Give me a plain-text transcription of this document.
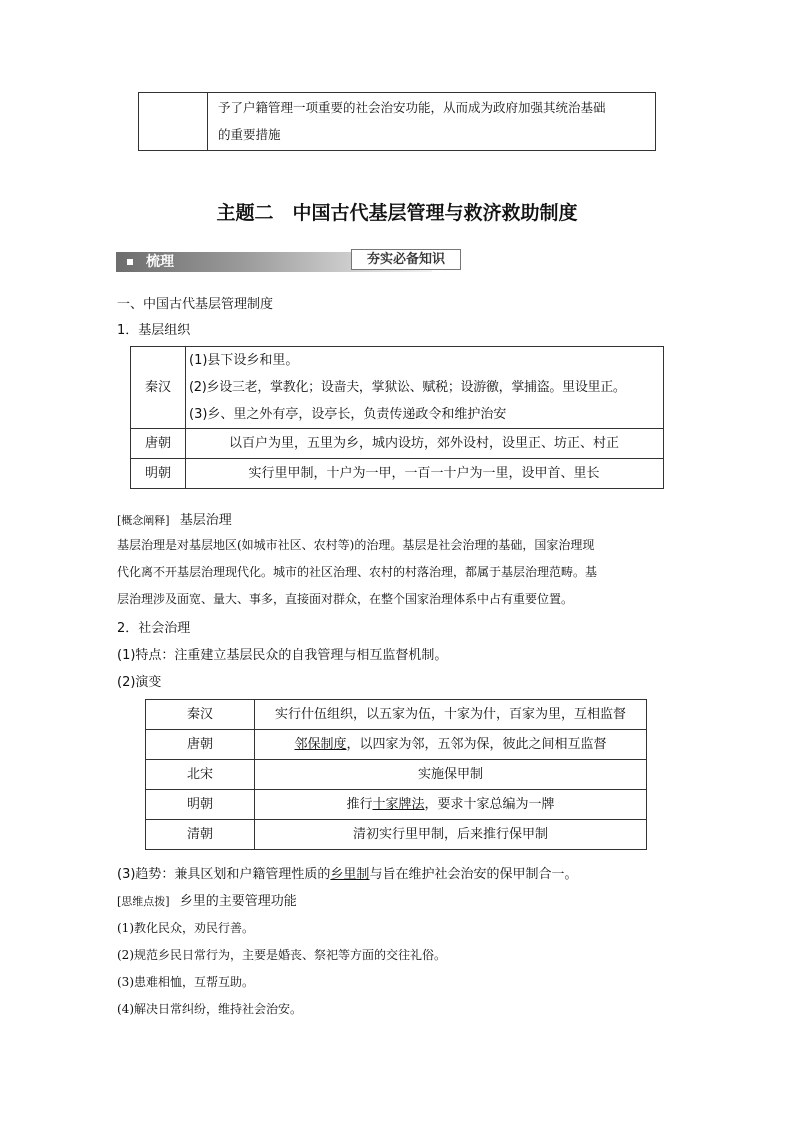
予了户籍管理一项重要的社会治安功能，从而成为政府加强其统治基础
的重要措施
主题二　中国古代基层管理与救济救助制度
梳理	夯实必备知识
一、中国古代基层管理制度
1．基层组织
秦汉	(1)县下设乡和里。
(2)乡设三老，掌教化；设啬夫，掌狱讼、赋税；设游徼，掌捕盗。里设里正。
(3)乡、里之外有亭，设亭长，负责传递政令和维护治安

唐朝	以百户为里，五里为乡，城内设坊，郊外设村，设里正、坊正、村正
明朝	实行里甲制，十户为一甲，一百一十户为一里，设甲首、里长
[概念阐释] 基层治理
基层治理是对基层地区(如城市社区、农村等)的治理。基层是社会治理的基础，国家治理现
代化离不开基层治理现代化。城市的社区治理、农村的村落治理，都属于基层治理范畴。基
层治理涉及面宽、量大、事多，直接面对群众，在整个国家治理体系中占有重要位置。
2．社会治理
(1)特点：注重建立基层民众的自我管理与相互监督机制。
(2)演变
秦汉	实行什伍组织，以五家为伍，十家为什，百家为里，互相监督
唐朝	邻保制度，以四家为邻，五邻为保，彼此之间相互监督
北宋	实施保甲制
明朝	推行十家牌法，要求十家总编为一牌
清朝	清初实行里甲制，后来推行保甲制
(3)趋势：兼具区划和户籍管理性质的乡里制与旨在维护社会治安的保甲制合一。
[思维点拨] 乡里的主要管理功能
(1)教化民众，劝民行善。
(2)规范乡民日常行为，主要是婚丧、祭祀等方面的交往礼俗。
(3)患难相恤，互帮互助。
(4)解决日常纠纷，维持社会治安。
